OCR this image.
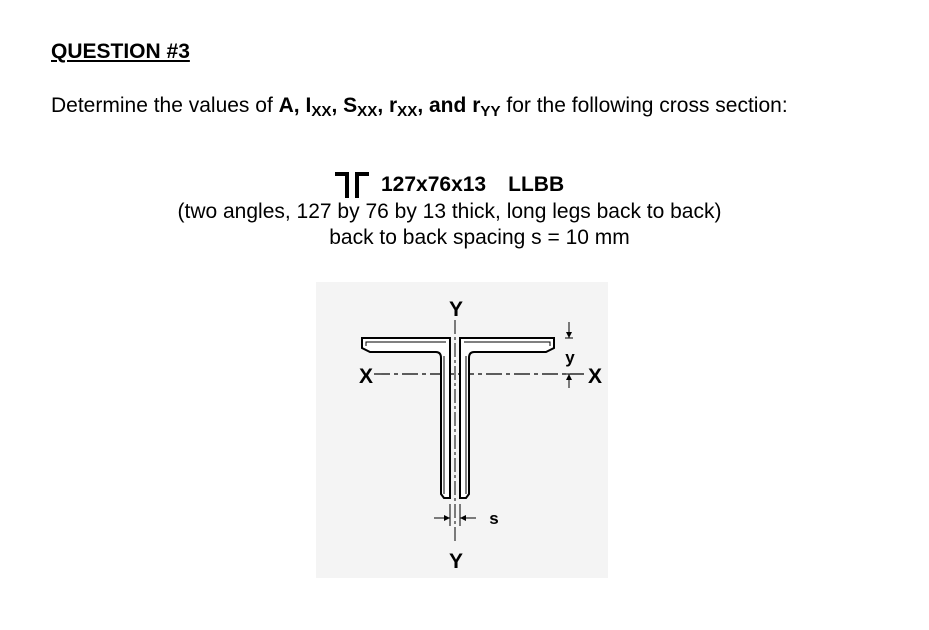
QUESTION #3
Determine the values of A, IXX, SXX, rXX, and rYY for the following cross section:
127x76x13 LLBB
(two angles, 127 by 76 by 13 thick, long legs back to back)
back to back spacing s = 10 mm
Y
Y
X	X
y
s
